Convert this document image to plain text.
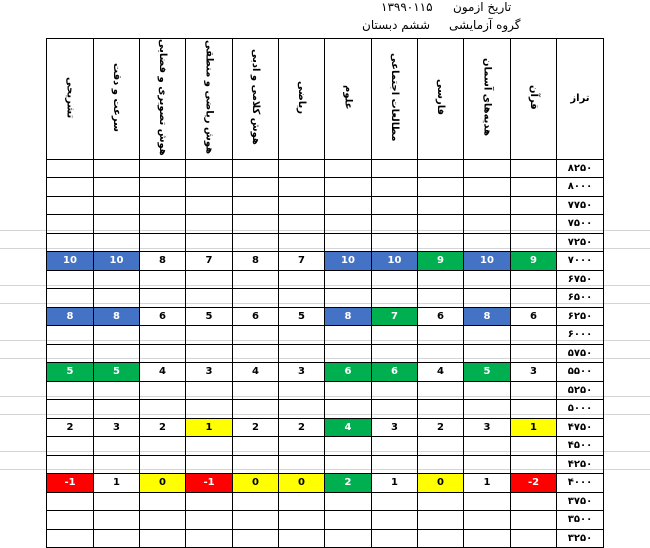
تاریخ ازمون
۱۳۹۹۰۱۱۵
گروه آزمایشی
ششم دبستان
تشریحی	سرعت و دقت	هوش تصویری و فضایی	هوش ریاضی و منطقی	هوش کلامی و ادبی	ریاضی	علوم	مطالعات اجتماعی	فارسی	هدیه‌های آسمان	قرآن	تراز
											۸۲۵۰
											۸۰۰۰
											۷۷۵۰
											۷۵۰۰
											۷۲۵۰
10	10	8	7	8	7	10	10	9	10	9	۷۰۰۰
											۶۷۵۰
											۶۵۰۰
8	8	6	5	6	5	8	7	6	8	6	۶۲۵۰
											۶۰۰۰
											۵۷۵۰
5	5	4	3	4	3	6	6	4	5	3	۵۵۰۰
											۵۲۵۰
											۵۰۰۰
2	3	2	1	2	2	4	3	2	3	1	۴۷۵۰
											۴۵۰۰
											۴۲۵۰
-1	1	0	-1	0	0	2	1	0	1	-2	۴۰۰۰
											۳۷۵۰
											۳۵۰۰
											۳۲۵۰
